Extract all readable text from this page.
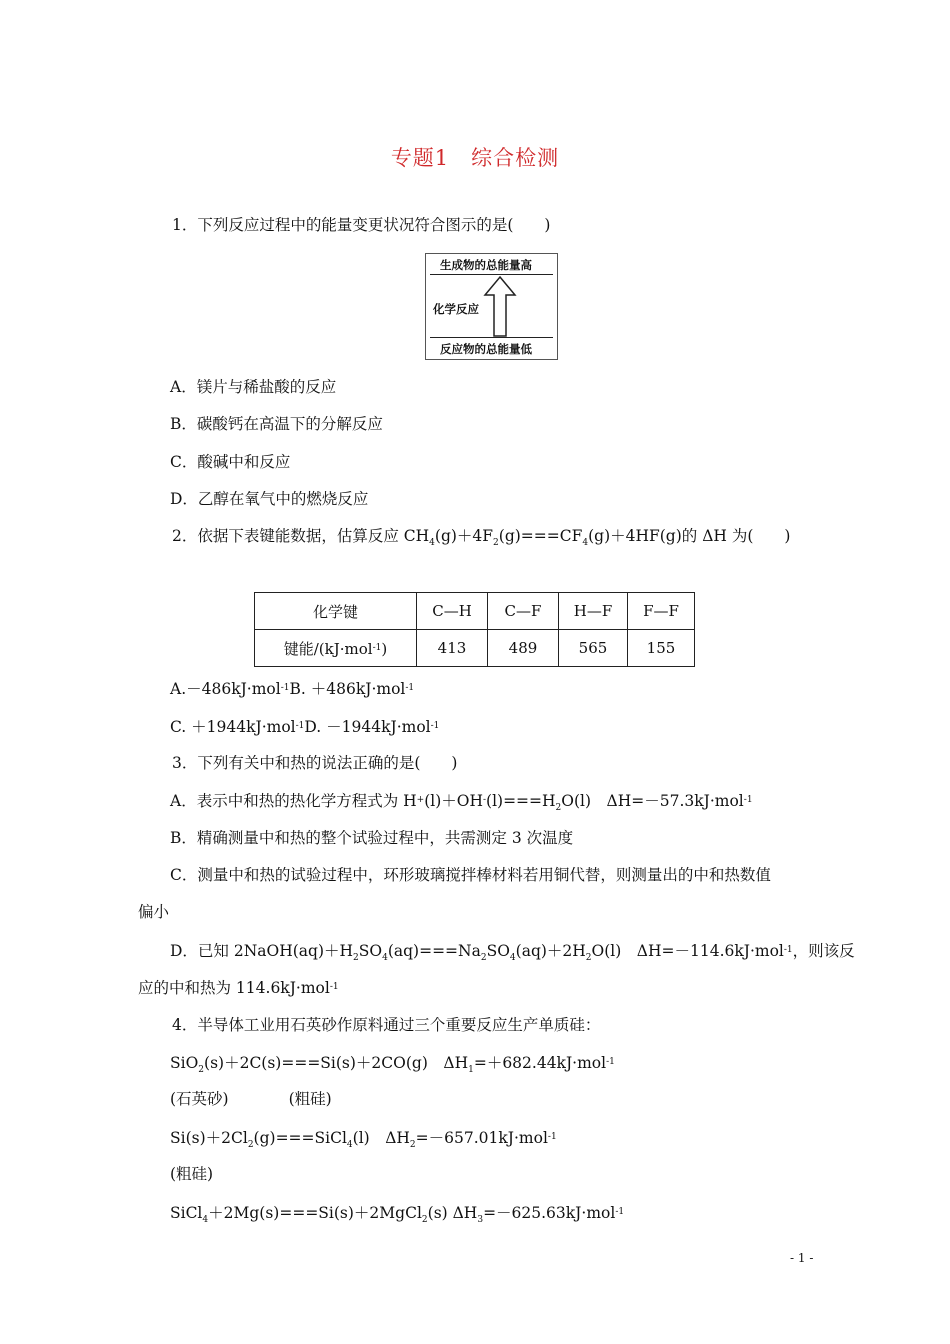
专题1　综合检测
1．下列反应过程中的能量变更状况符合图示的是(　　)
生成物的总能量高
化学反应
反应物的总能量低
A．镁片与稀盐酸的反应
B．碳酸钙在高温下的分解反应
C．酸碱中和反应
D．乙醇在氧气中的燃烧反应
2．依据下表键能数据，估算反应 $CH_4(g)+4F_2(g)===CF_4(g)+4HF(g)$的 ΔH 为(　　)
化学键	C—H	C—F	H—F	F—F
键能/(kJ·mol$^{-1}$)	413	489	565	155
A.－486kJ·mol$^{-1}$B. ＋486kJ·mol$^{-1}$
C. ＋1944kJ·mol$^{-1}$D. －1944kJ·mol$^{-1}$
3．下列有关中和热的说法正确的是(　　)
A．表示中和热的热化学方程式为 $H^+(l)+OH^-(l)===H_2O(l)$　ΔH=－57.3kJ·mol$^{-1}$
B．精确测量中和热的整个试验过程中，共需测定 3 次温度
C．测量中和热的试验过程中，环形玻璃搅拌棒材料若用铜代替，则测量出的中和热数值
偏小
D．已知 $2NaOH(aq)+H_2SO_4(aq)===Na_2SO_4(aq)+2H_2O(l)$　ΔH=－114.6kJ·mol$^{-1}$，则该反
应的中和热为 114.6kJ·mol$^{-1}$
4．半导体工业用石英砂作原料通过三个重要反应生产单质硅：
SiO$_2$(s)＋2C(s)===Si(s)＋2CO(g)　$\Delta H_1=+682.44kJ\cdot mol^{-1}$
(石英砂)	(粗硅)
$Si(s)+2Cl_2(g)===SiCl_4(l)$　$\Delta H_2=-657.01kJ\cdot mol^{-1}$
(粗硅)
SiCl$_4$＋2Mg(s)===Si(s)＋2MgCl$_2$(s) $\Delta H_3=-625.63kJ\cdot mol^{-1}$
- 1 -
